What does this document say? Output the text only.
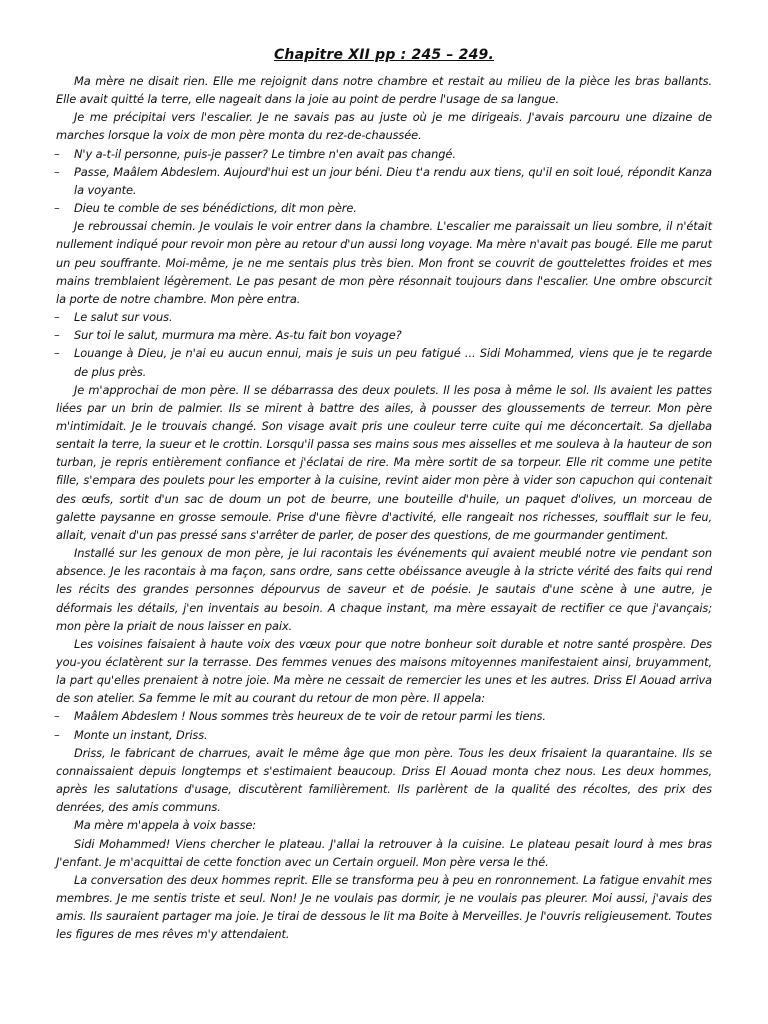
Chapitre XII pp : 245 – 249.

Ma mère ne disait rien. Elle me rejoignit dans notre chambre et restait au milieu de la pièce les bras ballants. Elle avait quitté la terre, elle nageait dans la joie au point de perdre l'usage de sa langue.

Je me précipitai vers l'escalier. Je ne savais pas au juste où je me dirigeais. J'avais parcouru une dizaine de marches lorsque la voix de mon père monta du rez-de-chaussée.

– N'y a-t-il personne, puis-je passer? Le timbre n'en avait pas changé.

– Passe, Maâlem Abdeslem. Aujourd'hui est un jour béni. Dieu t'a rendu aux tiens, qu'il en soit loué, répondit Kanza la voyante.

– Dieu te comble de ses bénédictions, dit mon père.

Je rebroussai chemin. Je voulais le voir entrer dans la chambre. L'escalier me paraissait un lieu sombre, il n'était nullement indiqué pour revoir mon père au retour d'un aussi long voyage. Ma mère n'avait pas bougé. Elle me parut un peu souffrante. Moi-même, je ne me sentais plus très bien. Mon front se couvrit de gouttelettes froides et mes mains tremblaient légèrement. Le pas pesant de mon père résonnait toujours dans l'escalier. Une ombre obscurcit la porte de notre chambre. Mon père entra.

– Le salut sur vous.

– Sur toi le salut, murmura ma mère. As-tu fait bon voyage?

– Louange à Dieu, je n'ai eu aucun ennui, mais je suis un peu fatigué ... Sidi Mohammed, viens que je te regarde de plus près.

Je m'approchai de mon père. Il se débarrassa des deux poulets. Il les posa à même le sol. Ils avaient les pattes liées par un brin de palmier. Ils se mirent à battre des ailes, à pousser des gloussements de terreur. Mon père m'intimidait. Je le trouvais changé. Son visage avait pris une couleur terre cuite qui me déconcertait. Sa djellaba sentait la terre, la sueur et le crottin. Lorsqu'il passa ses mains sous mes aisselles et me souleva à la hauteur de son turban, je repris entièrement confiance et j'éclatai de rire. Ma mère sortit de sa torpeur. Elle rit comme une petite fille, s'empara des poulets pour les emporter à la cuisine, revint aider mon père à vider son capuchon qui contenait des œufs, sortit d'un sac de doum un pot de beurre, une bouteille d'huile, un paquet d'olives, un morceau de galette paysanne en grosse semoule. Prise d'une fièvre d'activité, elle rangeait nos richesses, soufflait sur le feu, allait, venait d'un pas pressé sans s'arrêter de parler, de poser des questions, de me gourmander gentiment.

Installé sur les genoux de mon père, je lui racontais les événements qui avaient meublé notre vie pendant son absence. Je les racontais à ma façon, sans ordre, sans cette obéissance aveugle à la stricte vérité des faits qui rend les récits des grandes personnes dépourvus de saveur et de poésie. Je sautais d'une scène à une autre, je déformais les détails, j'en inventais au besoin. A chaque instant, ma mère essayait de rectifier ce que j'avançais; mon père la priait de nous laisser en paix.

Les voisines faisaient à haute voix des vœux pour que notre bonheur soit durable et notre santé prospère. Des you-you éclatèrent sur la terrasse. Des femmes venues des maisons mitoyennes manifestaient ainsi, bruyamment, la part qu'elles prenaient à notre joie. Ma mère ne cessait de remercier les unes et les autres. Driss El Aouad arriva de son atelier. Sa femme le mit au courant du retour de mon père. Il appela:

– Maâlem Abdeslem ! Nous sommes très heureux de te voir de retour parmi les tiens.

– Monte un instant, Driss.

Driss, le fabricant de charrues, avait le même âge que mon père. Tous les deux frisaient la quarantaine. Ils se connaissaient depuis longtemps et s'estimaient beaucoup. Driss El Aouad monta chez nous. Les deux hommes, après les salutations d'usage, discutèrent familièrement. Ils parlèrent de la qualité des récoltes, des prix des denrées, des amis communs.

Ma mère m'appela à voix basse:

Sidi Mohammed! Viens chercher le plateau. J'allai la retrouver à la cuisine. Le plateau pesait lourd à mes bras J'enfant. Je m'acquittai de cette fonction avec un Certain orgueil. Mon père versa le thé.

La conversation des deux hommes reprit. Elle se transforma peu à peu en ronronnement. La fatigue envahit mes membres. Je me sentis triste et seul. Non! Je ne voulais pas dormir, je ne voulais pas pleurer. Moi aussi, j'avais des amis. Ils sauraient partager ma joie. Je tirai de dessous le lit ma Boite à Merveilles. Je l'ouvris religieusement. Toutes les figures de mes rêves m'y attendaient.
